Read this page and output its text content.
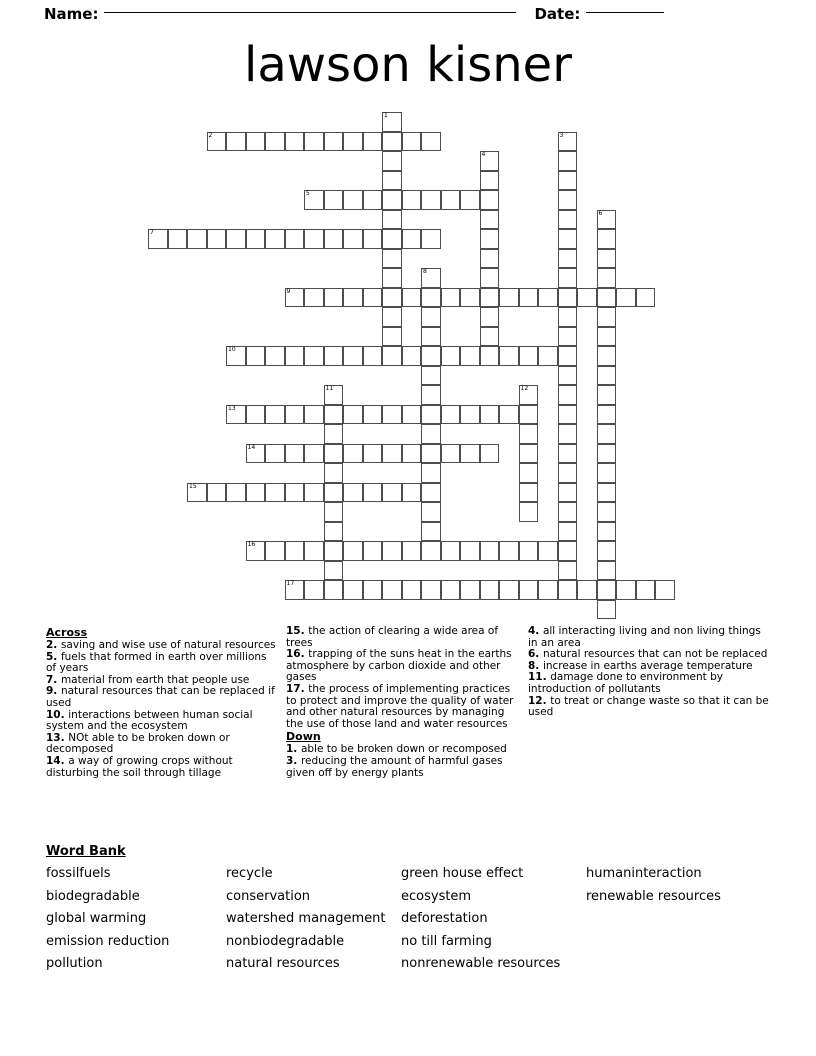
Name:	Date:
lawson kisner
1
2	3
4
5
6
7
8
9
10
11	12
13
14
15
16
17
Across
2. saving and wise use of natural resources
5. fuels that formed in earth over millions of years
7. material from earth that people use
9. natural resources that can be replaced if used
10. interactions between human social system and the ecosystem
13. NOt able to be broken down or decomposed
14. a way of growing crops without disturbing the soil through tillage
15. the action of clearing a wide area of trees
16. trapping of the suns heat in the earths atmosphere by carbon dioxide and other gases
17. the process of implementing practices to protect and improve the quality of water and other natural resources by managing the use of those land and water resources
Down
1. able to be broken down or recomposed
3. reducing the amount of harmful gases given off by energy plants
4. all interacting living and non living things in an area
6. natural resources that can not be replaced
8. increase in earths average temperature
11. damage done to environment by introduction of pollutants
12. to treat or change waste so that it can be used
Word Bank
fossilfuels	recycle	green house effect	humaninteraction
biodegradable	conservation	ecosystem	renewable resources
global warming	watershed management	deforestation
emission reduction	nonbiodegradable	no till farming
pollution	natural resources	nonrenewable resources
